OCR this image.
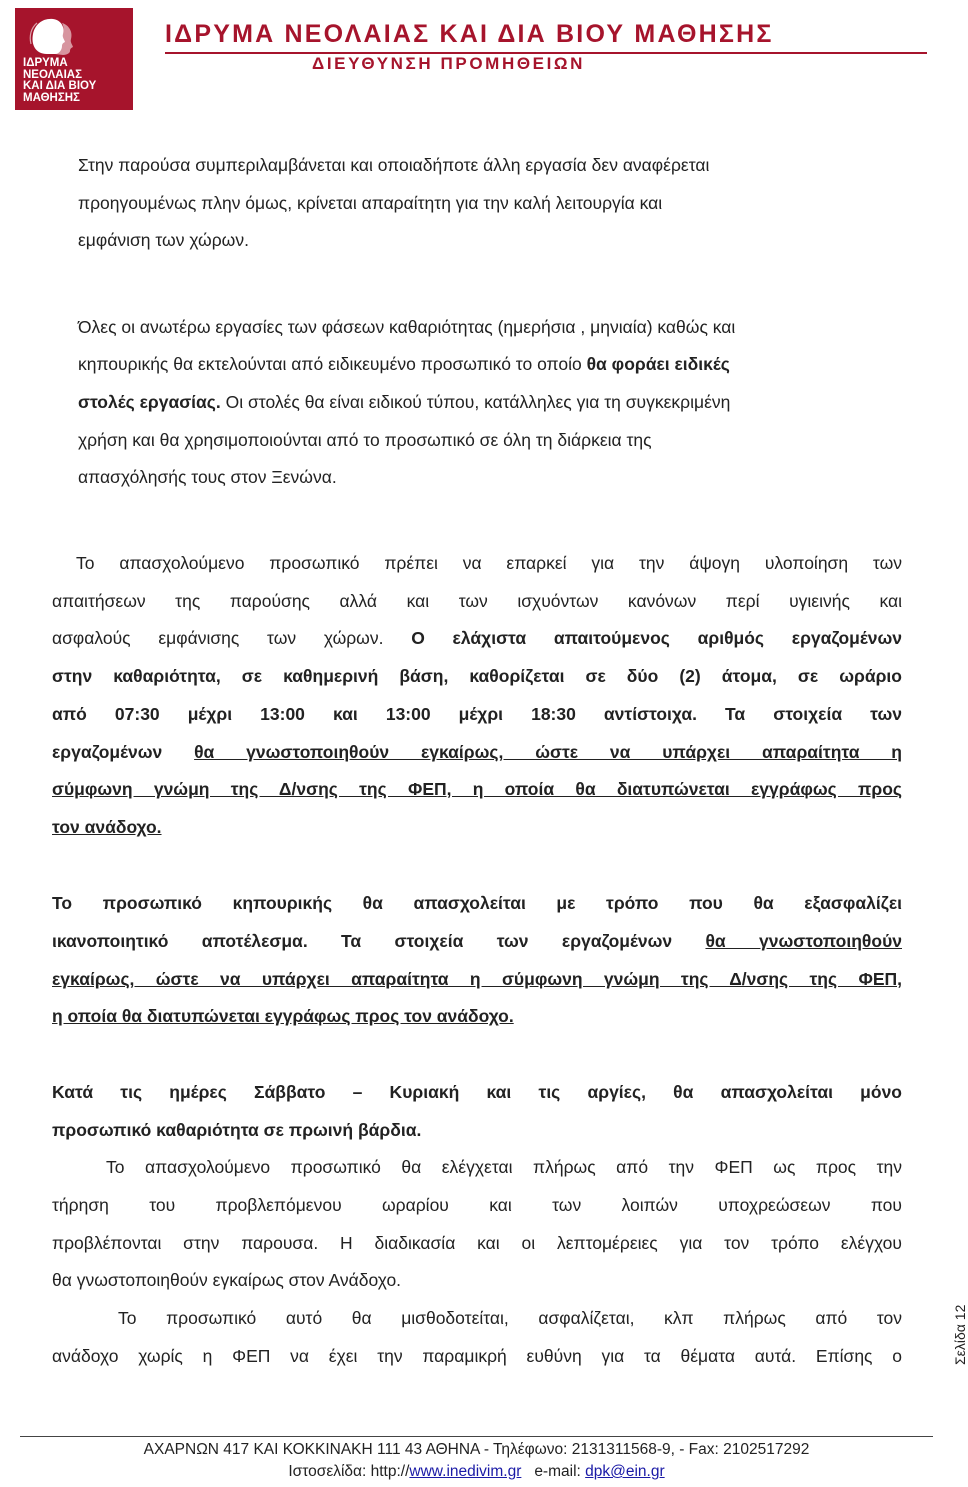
ΙΔΡΥΜΑ
ΝΕΟΛΑΙΑΣ
ΚΑΙ ΔΙΑ ΒΙΟΥ
ΜΑΘΗΣΗΣ
ΙΔΡΥΜΑ ΝΕΟΛΑΙΑΣ ΚΑΙ ΔΙΑ ΒΙΟΥ ΜΑΘΗΣΗΣ
ΔΙΕΥΘΥΝΣΗ ΠΡΟΜΗΘΕΙΩΝ
Στην παρούσα συμπεριλαμβάνεται και οποιαδήποτε άλλη εργασία δεν αναφέρεται
προηγουμένως πλην όμως, κρίνεται απαραίτητη για την καλή λειτουργία και
εμφάνιση των χώρων.
Όλες οι ανωτέρω εργασίες των φάσεων καθαριότητας (ημερήσια , μηνιαία) καθώς και
κηπουρικής θα εκτελούνται από ειδικευμένο προσωπικό το οποίο θα φοράει ειδικές
στολές εργασίας. Οι στολές θα είναι ειδικού τύπου, κατάλληλες για τη συγκεκριμένη
χρήση και θα χρησιμοποιούνται από το προσωπικό σε όλη τη διάρκεια της
απασχόλησής τους στον Ξενώνα.
Το απασχολούμενο προσωπικό πρέπει να επαρκεί για την άψογη υλοποίηση των
απαιτήσεων της παρούσης αλλά και των ισχυόντων κανόνων περί υγιεινής και
ασφαλούς εμφάνισης των χώρων. Ο ελάχιστα απαιτούμενος αριθμός εργαζομένων
στην καθαριότητα, σε καθημερινή βάση, καθορίζεται σε δύο (2) άτομα, σε ωράριο
από 07:30 μέχρι 13:00 και 13:00 μέχρι 18:30 αντίστοιχα. Τα στοιχεία των
εργαζομένων θα γνωστοποιηθούν εγκαίρως, ώστε να υπάρχει απαραίτητα η
σύμφωνη γνώμη της Δ/νσης της ΦΕΠ, η οποία θα διατυπώνεται εγγράφως προς
τον ανάδοχο.
Το προσωπικό κηπουρικής θα απασχολείται με τρόπο που θα εξασφαλίζει
ικανοποιητικό αποτέλεσμα. Τα στοιχεία των εργαζομένων θα γνωστοποιηθούν
εγκαίρως, ώστε να υπάρχει απαραίτητα η σύμφωνη γνώμη της Δ/νσης της ΦΕΠ,
η οποία θα διατυπώνεται εγγράφως προς τον ανάδοχο.
Κατά τις ημέρες Σάββατο – Κυριακή και τις αργίες, θα απασχολείται μόνο
προσωπικό καθαριότητα σε πρωινή βάρδια.
Το απασχολούμενο προσωπικό θα ελέγχεται πλήρως από την ΦΕΠ ως προς την
τήρηση του προβλεπόμενου ωραρίου και των λοιπών υποχρεώσεων που
προβλέπονται στην παρουσα. Η διαδικασία και οι λεπτομέρειες για τον τρόπο ελέγχου
θα γνωστοποιηθούν εγκαίρως στον Ανάδοχο.
Το προσωπικό αυτό θα μισθοδοτείται, ασφαλίζεται, κλπ πλήρως από τον
ανάδοχο χωρίς η ΦΕΠ να έχει την παραμικρή ευθύνη για τα θέματα αυτά. Επίσης ο	Σελίδα 12
ΑΧΑΡΝΩΝ 417 ΚΑΙ ΚΟΚΚΙΝΑΚΗ 111 43 ΑΘΗΝΑ - Τηλέφωνο: 2131311568-9, - Fax: 2102517292
Ιστοσελίδα: http://www.inedivim.gr e-mail: dpk@ein.gr
